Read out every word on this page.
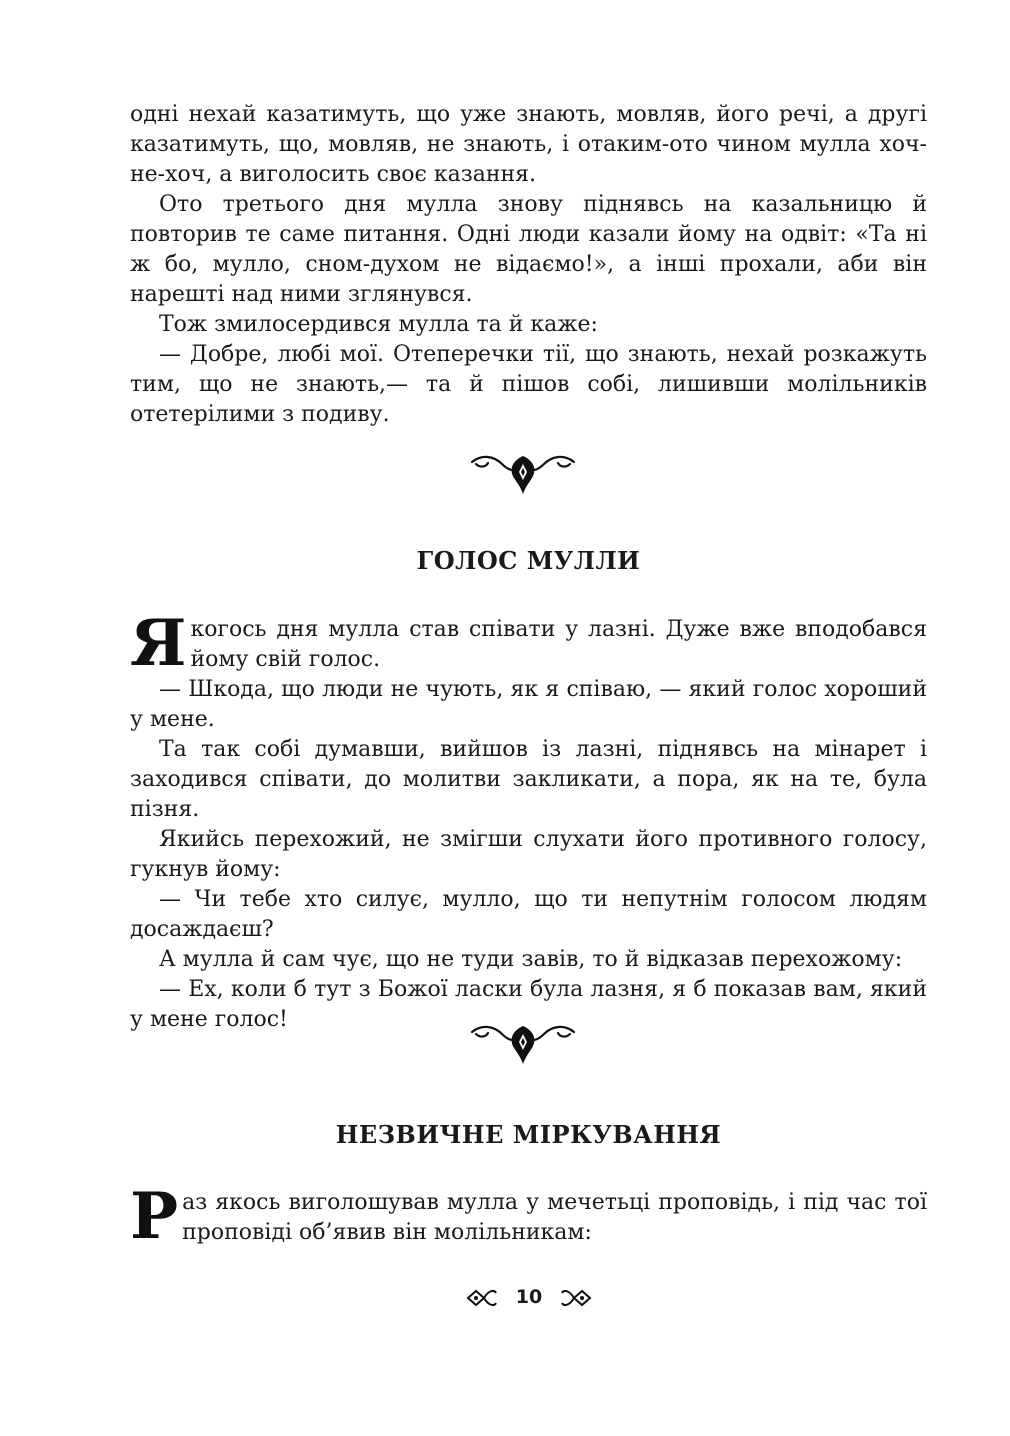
одні нехай казатимуть, що уже знають, мовляв, його речі, а другі казатимуть, що, мовляв, не знають, і отаким-ото чином мулла хоч-не-хоч, а виголосить своє казання.

Ото третього дня мулла знову піднявсь на казальницю й повторив те саме питання. Одні люди казали йому на одвіт: «Та ні ж бо, мулло, сном-духом не відаємо!», а інші прохали, аби він нарешті над ними зглянувся.

Тож змилосердився мулла та й каже:

— Добре, любі мої. Отеперечки тії, що знають, нехай розкажуть тим, що не знають,— та й пішов собі, лишивши молільників отетерілими з подиву.

ГОЛОС МУЛЛИ

Якогось дня мулла став співати у лазні. Дуже вже вподобався йому свій голос.

— Шкода, що люди не чують, як я співаю, — який голос хороший у мене.

Та так собі думавши, вийшов із лазні, піднявсь на мінарет і заходився співати, до молитви закликати, а пора, як на те, була пізня.

Якийсь перехожий, не змігши слухати його противного голосу, гукнув йому:

— Чи тебе хто силує, мулло, що ти непутнім голосом людям досаждаєш?

А мулла й сам чує, що не туди завів, то й відказав перехожому:

— Ех, коли б тут з Божої ласки була лазня, я б показав вам, який у мене голос!

НЕЗВИЧНЕ МІРКУВАННЯ

Раз якось виголошував мулла у мечетьці проповідь, і під час тої проповіді об’явив він молільникам:

10
